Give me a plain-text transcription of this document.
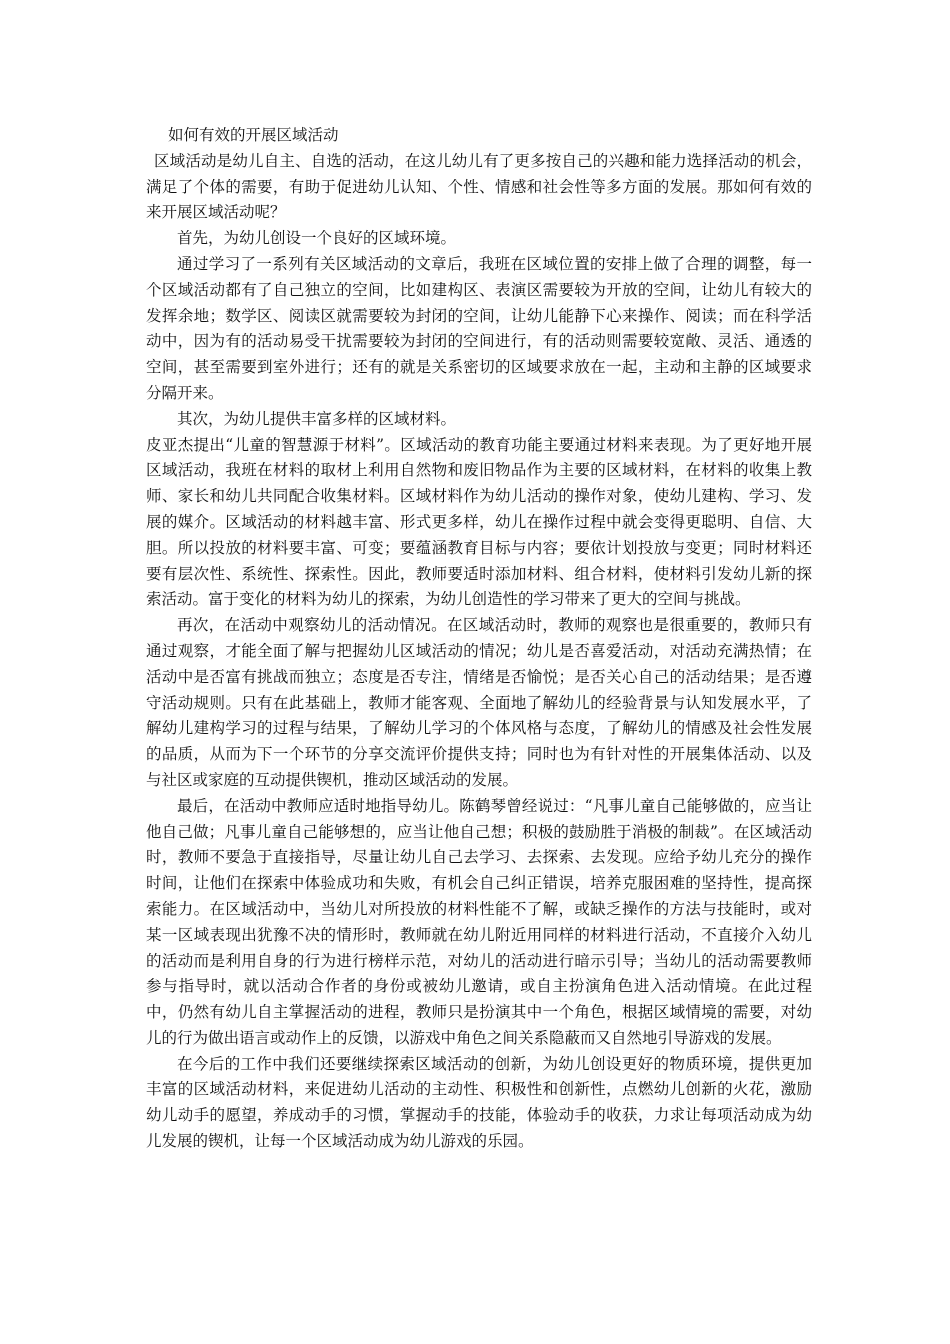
如何有效的开展区域活动

区域活动是幼儿自主、自选的活动，在这儿幼儿有了更多按自己的兴趣和能力选择活动的机会，满足了个体的需要，有助于促进幼儿认知、个性、情感和社会性等多方面的发展。那如何有效的来开展区域活动呢？

首先，为幼儿创设一个良好的区域环境。

通过学习了一系列有关区域活动的文章后，我班在区域位置的安排上做了合理的调整，每一个区域活动都有了自己独立的空间，比如建构区、表演区需要较为开放的空间，让幼儿有较大的发挥余地；数学区、阅读区就需要较为封闭的空间，让幼儿能静下心来操作、阅读；而在科学活动中，因为有的活动易受干扰需要较为封闭的空间进行，有的活动则需要较宽敞、灵活、通透的空间，甚至需要到室外进行；还有的就是关系密切的区域要求放在一起，主动和主静的区域要求分隔开来。

其次，为幼儿提供丰富多样的区域材料。

皮亚杰提出“儿童的智慧源于材料”。区域活动的教育功能主要通过材料来表现。为了更好地开展区域活动，我班在材料的取材上利用自然物和废旧物品作为主要的区域材料，在材料的收集上教师、家长和幼儿共同配合收集材料。区域材料作为幼儿活动的操作对象，使幼儿建构、学习、发展的媒介。区域活动的材料越丰富、形式更多样，幼儿在操作过程中就会变得更聪明、自信、大胆。所以投放的材料要丰富、可变；要蕴涵教育目标与内容；要依计划投放与变更；同时材料还要有层次性、系统性、探索性。因此，教师要适时添加材料、组合材料，使材料引发幼儿新的探索活动。富于变化的材料为幼儿的探索，为幼儿创造性的学习带来了更大的空间与挑战。

再次，在活动中观察幼儿的活动情况。在区域活动时，教师的观察也是很重要的，教师只有通过观察，才能全面了解与把握幼儿区域活动的情况；幼儿是否喜爱活动，对活动充满热情；在活动中是否富有挑战而独立；态度是否专注，情绪是否愉悦；是否关心自己的活动结果；是否遵守活动规则。只有在此基础上，教师才能客观、全面地了解幼儿的经验背景与认知发展水平，了解幼儿建构学习的过程与结果，了解幼儿学习的个体风格与态度，了解幼儿的情感及社会性发展的品质，从而为下一个环节的分享交流评价提供支持；同时也为有针对性的开展集体活动、以及与社区或家庭的互动提供锲机，推动区域活动的发展。

最后，在活动中教师应适时地指导幼儿。陈鹤琴曾经说过：“凡事儿童自己能够做的，应当让他自己做；凡事儿童自己能够想的，应当让他自己想；积极的鼓励胜于消极的制裁”。在区域活动时，教师不要急于直接指导，尽量让幼儿自己去学习、去探索、去发现。应给予幼儿充分的操作时间，让他们在探索中体验成功和失败，有机会自己纠正错误，培养克服困难的坚持性，提高探索能力。在区域活动中，当幼儿对所投放的材料性能不了解，或缺乏操作的方法与技能时，或对某一区域表现出犹豫不决的情形时，教师就在幼儿附近用同样的材料进行活动，不直接介入幼儿的活动而是利用自身的行为进行榜样示范，对幼儿的活动进行暗示引导；当幼儿的活动需要教师参与指导时，就以活动合作者的身份或被幼儿邀请，或自主扮演角色进入活动情境。在此过程中，仍然有幼儿自主掌握活动的进程，教师只是扮演其中一个角色，根据区域情境的需要，对幼儿的行为做出语言或动作上的反馈，以游戏中角色之间关系隐蔽而又自然地引导游戏的发展。

在今后的工作中我们还要继续探索区域活动的创新，为幼儿创设更好的物质环境，提供更加丰富的区域活动材料，来促进幼儿活动的主动性、积极性和创新性，点燃幼儿创新的火花，激励幼儿动手的愿望，养成动手的习惯，掌握动手的技能，体验动手的收获，力求让每项活动成为幼儿发展的锲机，让每一个区域活动成为幼儿游戏的乐园。
